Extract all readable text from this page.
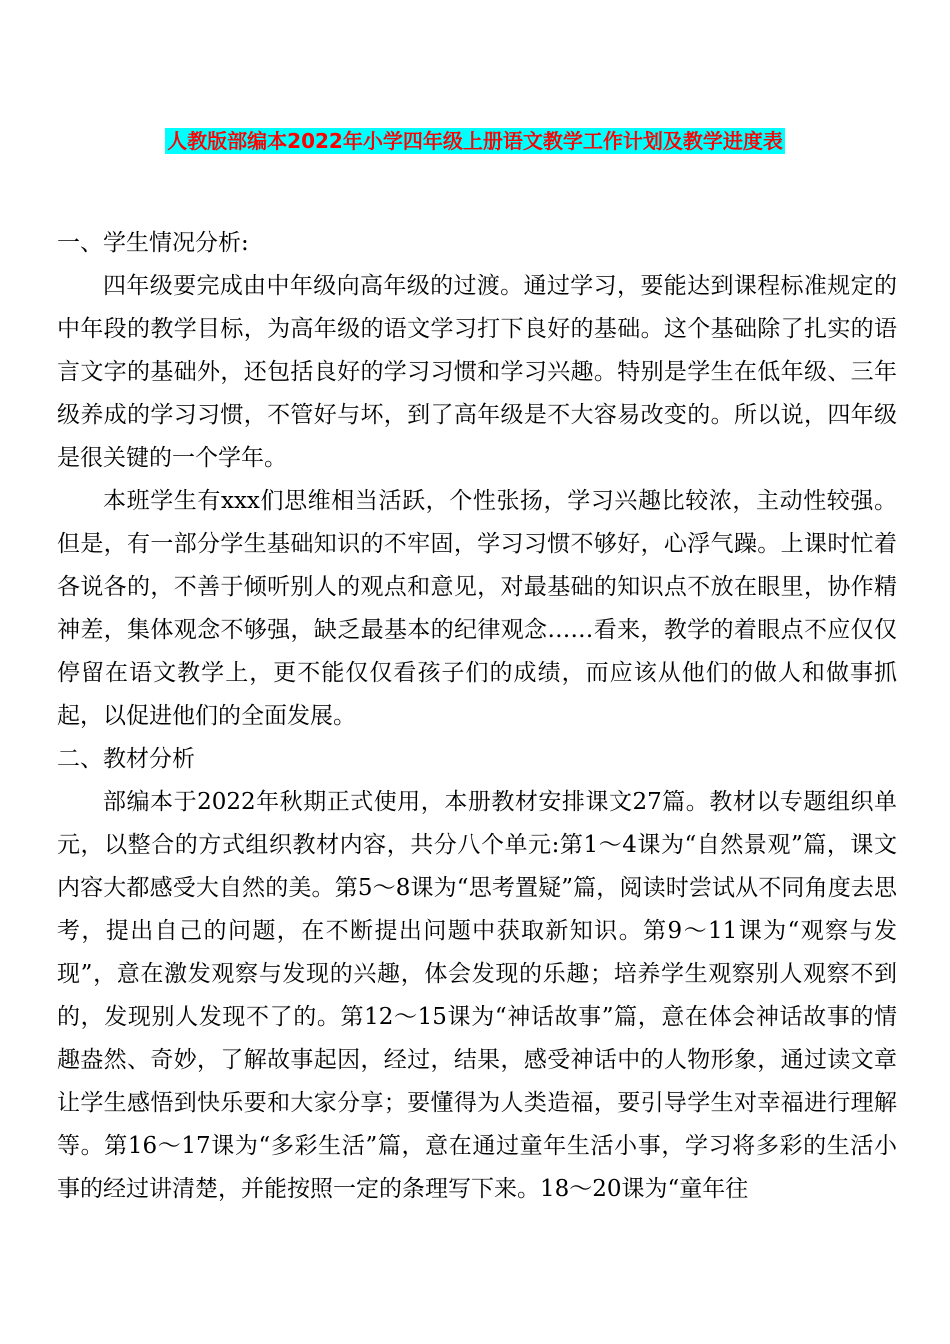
人教版部编本2022年小学四年级上册语文教学工作计划及教学进度表

一、学生情况分析:

四年级要完成由中年级向高年级的过渡。通过学习，要能达到课程标准规定的中年段的教学目标，为高年级的语文学习打下良好的基础。这个基础除了扎实的语言文字的基础外，还包括良好的学习习惯和学习兴趣。特别是学生在低年级、三年级养成的学习习惯，不管好与坏，到了高年级是不大容易改变的。所以说，四年级是很关键的一个学年。

本班学生有xxx们思维相当活跃，个性张扬，学习兴趣比较浓，主动性较强。但是，有一部分学生基础知识的不牢固，学习习惯不够好，心浮气躁。上课时忙着各说各的，不善于倾听别人的观点和意见，对最基础的知识点不放在眼里，协作精神差，集体观念不够强，缺乏最基本的纪律观念……看来，教学的着眼点不应仅仅停留在语文教学上，更不能仅仅看孩子们的成绩，而应该从他们的做人和做事抓起，以促进他们的全面发展。

二、教材分析

部编本于2022年秋期正式使用，本册教材安排课文27篇。教材以专题组织单元，以整合的方式组织教材内容，共分八个单元:第1～4课为“自然景观”篇，课文内容大都感受大自然的美。第5～8课为“思考置疑”篇，阅读时尝试从不同角度去思考，提出自己的问题，在不断提出问题中获取新知识。第9～11课为“观察与发现”，意在激发观察与发现的兴趣，体会发现的乐趣；培养学生观察别人观察不到的，发现别人发现不了的。第12～15课为“神话故事”篇，意在体会神话故事的情趣盎然、奇妙，了解故事起因，经过，结果，感受神话中的人物形象，通过读文章让学生感悟到快乐要和大家分享；要懂得为人类造福，要引导学生对幸福进行理解等。第16～17课为“多彩生活”篇，意在通过童年生活小事，学习将多彩的生活小事的经过讲清楚，并能按照一定的条理写下来。18～20课为“童年往
